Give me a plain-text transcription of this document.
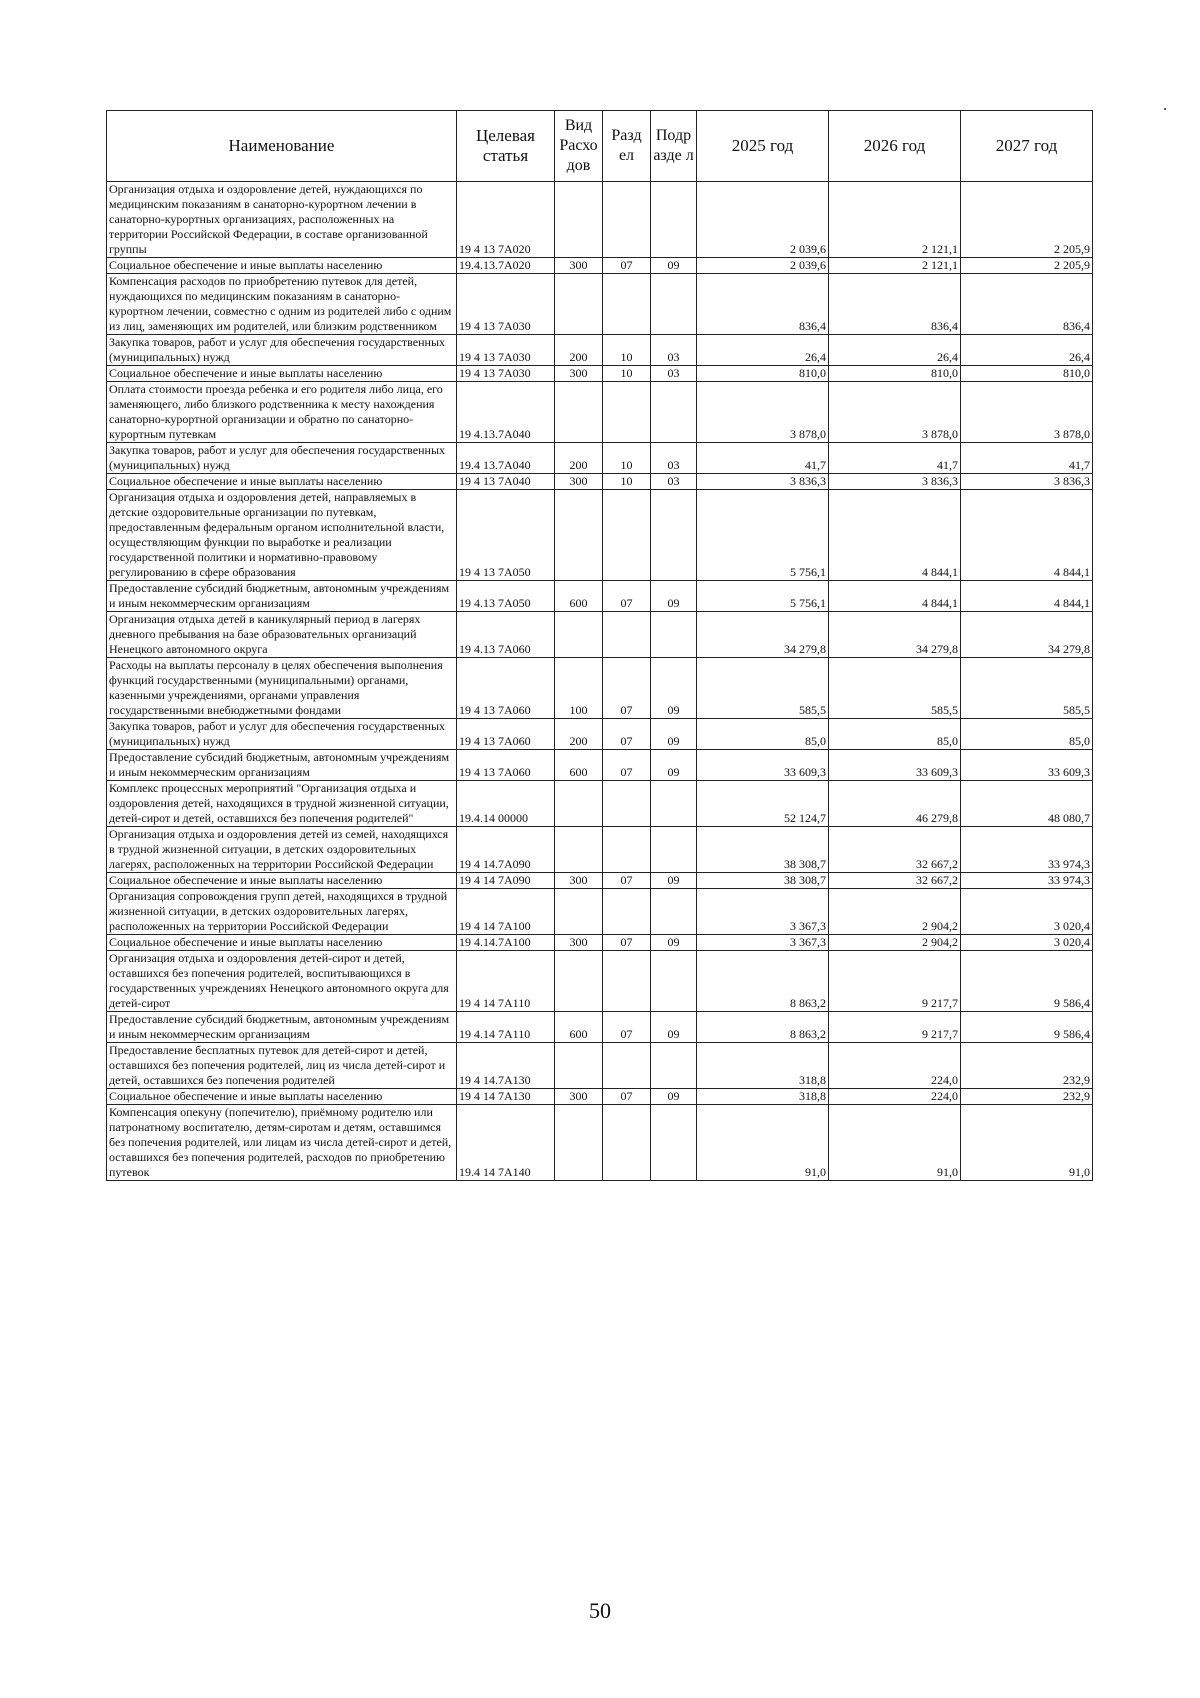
Наименование	Целевая статья	Вид Расхо дов	Разд ел	Подр азде л	2025 год	2026 год	2027 год
Организация отдыха и оздоровление детей, нуждающихся по медицинским показаниям в санаторно-курортном лечении в санаторно-курортных организациях, расположенных на территории Российской Федерации, в составе организованной группы	19 4 13 7А020				2 039,6	2 121,1	2 205,9
Социальное обеспечение и иные выплаты населению	19.4.13.7А020	300	07	09	2 039,6	2 121,1	2 205,9
Компенсация расходов по приобретению путевок для детей, нуждающихся по медицинским показаниям в санаторно-курортном лечении, совместно с одним из родителей либо с одним из лиц, заменяющих им родителей, или близким родственником	19 4 13 7А030				836,4	836,4	836,4
Закупка товаров, работ и услуг для обеспечения государственных (муниципальных) нужд	19 4 13 7А030	200	10	03	26,4	26,4	26,4
Социальное обеспечение и иные выплаты населению	19 4 13 7А030	300	10	03	810,0	810,0	810,0
Оплата стоимости проезда ребенка и его родителя либо лица, его заменяющего, либо близкого родственника к месту нахождения санаторно-курортной организации и обратно по санаторно-курортным путевкам	19 4.13.7А040				3 878,0	3 878,0	3 878,0
Закупка товаров, работ и услуг для обеспечения государственных (муниципальных) нужд	19.4 13.7А040	200	10	03	41,7	41,7	41,7
Социальное обеспечение и иные выплаты населению	19 4 13 7А040	300	10	03	3 836,3	3 836,3	3 836,3
Организация отдыха и оздоровления детей, направляемых в детские оздоровительные организации по путевкам, предоставленным федеральным органом исполнительной власти, осуществляющим функции по выработке и реализации государственной политики и нормативно-правовому регулированию в сфере образования	19 4 13 7А050				5 756,1	4 844,1	4 844,1
Предоставление субсидий бюджетным, автономным учреждениям и иным некоммерческим организациям	19 4.13 7А050	600	07	09	5 756,1	4 844,1	4 844,1
Организация отдыха детей в каникулярный период в лагерях дневного пребывания на базе образовательных организаций Ненецкого автономного округа	19 4.13 7А060				34 279,8	34 279,8	34 279,8
Расходы на выплаты персоналу в целях обеспечения выполнения функций государственными (муниципальными) органами, казенными учреждениями, органами управления государственными внебюджетными фондами	19 4 13 7А060	100	07	09	585,5	585,5	585,5
Закупка товаров, работ и услуг для обеспечения государственных (муниципальных) нужд	19 4 13 7А060	200	07	09	85,0	85,0	85,0
Предоставление субсидий бюджетным, автономным учреждениям и иным некоммерческим организациям	19 4 13 7А060	600	07	09	33 609,3	33 609,3	33 609,3
Комплекс процессных мероприятий "Организация отдыха и оздоровления детей, находящихся в трудной жизненной ситуации, детей-сирот и детей, оставшихся без попечения родителей"	19.4.14 00000				52 124,7	46 279,8	48 080,7
Организация отдыха и оздоровления детей из семей, находящихся в трудной жизненной ситуации, в детских оздоровительных лагерях, расположенных на территории Российской Федерации	19 4 14.7А090				38 308,7	32 667,2	33 974,3
Социальное обеспечение и иные выплаты населению	19 4 14 7А090	300	07	09	38 308,7	32 667,2	33 974,3
Организация сопровождения групп детей, находящихся в трудной жизненной ситуации, в детских оздоровительных лагерях, расположенных на территории Российской Федерации	19 4 14 7А100				3 367,3	2 904,2	3 020,4
Социальное обеспечение и иные выплаты населению	19 4.14.7А100	300	07	09	3 367,3	2 904,2	3 020,4
Организация отдыха и оздоровления детей-сирот и детей, оставшихся без попечения родителей, воспитывающихся в государственных учреждениях Ненецкого автономного округа для детей-сирот	19 4 14 7А110				8 863,2	9 217,7	9 586,4
Предоставление субсидий бюджетным, автономным учреждениям и иным некоммерческим организациям	19 4.14 7А110	600	07	09	8 863,2	9 217,7	9 586,4
Предоставление бесплатных путевок для детей-сирот и детей, оставшихся без попечения родителей, лиц из числа детей-сирот и детей, оставшихся без попечения родителей	19 4 14.7А130				318,8	224,0	232,9
Социальное обеспечение и иные выплаты населению	19 4 14 7А130	300	07	09	318,8	224,0	232,9
Компенсация опекуну (попечителю), приёмному родителю или патронатному воспитателю, детям-сиротам и детям, оставшимся без попечения родителей, или лицам из числа детей-сирот и детей, оставшихся без попечения родителей, расходов по приобретению путевок	19.4 14 7А140				91,0	91,0	91,0
50
